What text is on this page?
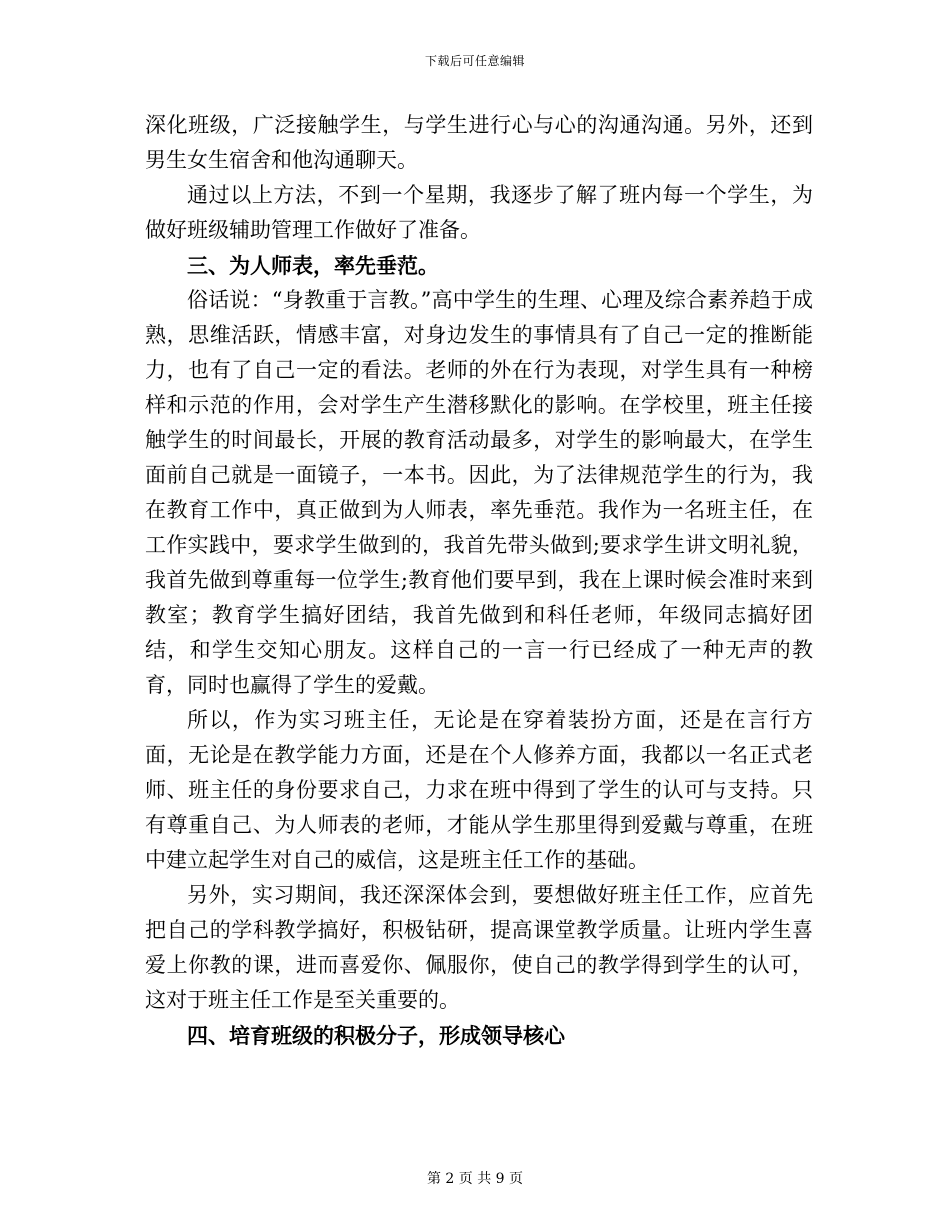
下载后可任意编辑

深化班级，广泛接触学生，与学生进行心与心的沟通沟通。另外，还到男生女生宿舍和他沟通聊天。

通过以上方法，不到一个星期，我逐步了解了班内每一个学生，为做好班级辅助管理工作做好了准备。

三、为人师表，率先垂范。

俗话说：“身教重于言教。”高中学生的生理、心理及综合素养趋于成熟，思维活跃，情感丰富，对身边发生的事情具有了自己一定的推断能力，也有了自己一定的看法。老师的外在行为表现，对学生具有一种榜样和示范的作用，会对学生产生潜移默化的影响。在学校里，班主任接触学生的时间最长，开展的教育活动最多，对学生的影响最大，在学生面前自己就是一面镜子，一本书。因此，为了法律规范学生的行为，我在教育工作中，真正做到为人师表，率先垂范。我作为一名班主任，在工作实践中，要求学生做到的，我首先带头做到;要求学生讲文明礼貌，我首先做到尊重每一位学生;教育他们要早到，我在上课时候会准时来到教室；教育学生搞好团结，我首先做到和科任老师，年级同志搞好团结，和学生交知心朋友。这样自己的一言一行已经成了一种无声的教育，同时也赢得了学生的爱戴。

所以，作为实习班主任，无论是在穿着装扮方面，还是在言行方面，无论是在教学能力方面，还是在个人修养方面，我都以一名正式老师、班主任的身份要求自己，力求在班中得到了学生的认可与支持。只有尊重自己、为人师表的老师，才能从学生那里得到爱戴与尊重，在班中建立起学生对自己的威信，这是班主任工作的基础。

另外，实习期间，我还深深体会到，要想做好班主任工作，应首先把自己的学科教学搞好，积极钻研，提高课堂教学质量。让班内学生喜爱上你教的课，进而喜爱你、佩服你，使自己的教学得到学生的认可，这对于班主任工作是至关重要的。

四、培育班级的积极分子，形成领导核心

第 2 页 共 9 页
